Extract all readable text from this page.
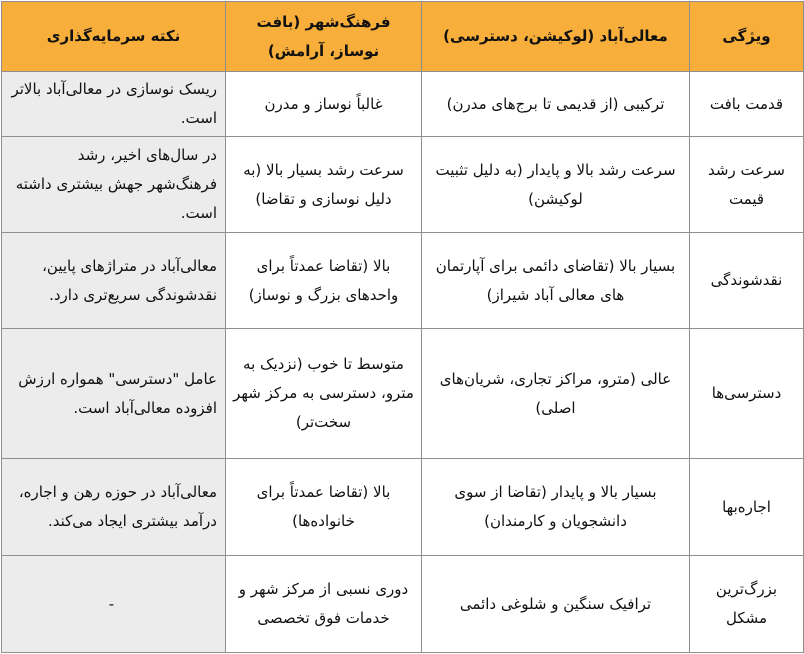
ویژگی	معالی‌آباد (لوکیشن، دسترسی)	فرهنگ‌شهر (بافت نوساز، آرامش)	نکته سرمایه‌گذاری
قدمت بافت	ترکیبی (از قدیمی تا برج‌های مدرن)	غالباً نوساز و مدرن	ریسک نوسازی در معالی‌آباد بالاتر است.
سرعت رشد قیمت	سرعت رشد بالا و پایدار (به دلیل تثبیت لوکیشن)	سرعت رشد بسیار بالا (به دلیل نوسازی و تقاضا)	در سال‌های اخیر، رشد فرهنگ‌شهر جهش بیشتری داشته است.
نقدشوندگی	بسیار بالا (تقاضای دائمی برای آپارتمان های معالی آباد شیراز)	بالا (تقاضا عمدتاً برای واحدهای بزرگ و نوساز)	معالی‌آباد در متراژهای پایین، نقدشوندگی سریع‌تری دارد.
دسترسی‌ها	عالی (مترو، مراکز تجاری، شریان‌های اصلی)	متوسط تا خوب (نزدیک به مترو، دسترسی به مرکز شهر سخت‌تر)	عامل "دسترسی" همواره ارزش افزوده معالی‌آباد است.
اجاره‌بها	بسیار بالا و پایدار (تقاضا از سوی دانشجویان و کارمندان)	بالا (تقاضا عمدتاً برای خانواده‌ها)	معالی‌آباد در حوزه رهن و اجاره، درآمد بیشتری ایجاد می‌کند.
بزرگ‌ترین مشکل	ترافیک سنگین و شلوغی دائمی	دوری نسبی از مرکز شهر و خدمات فوق تخصصی	-
